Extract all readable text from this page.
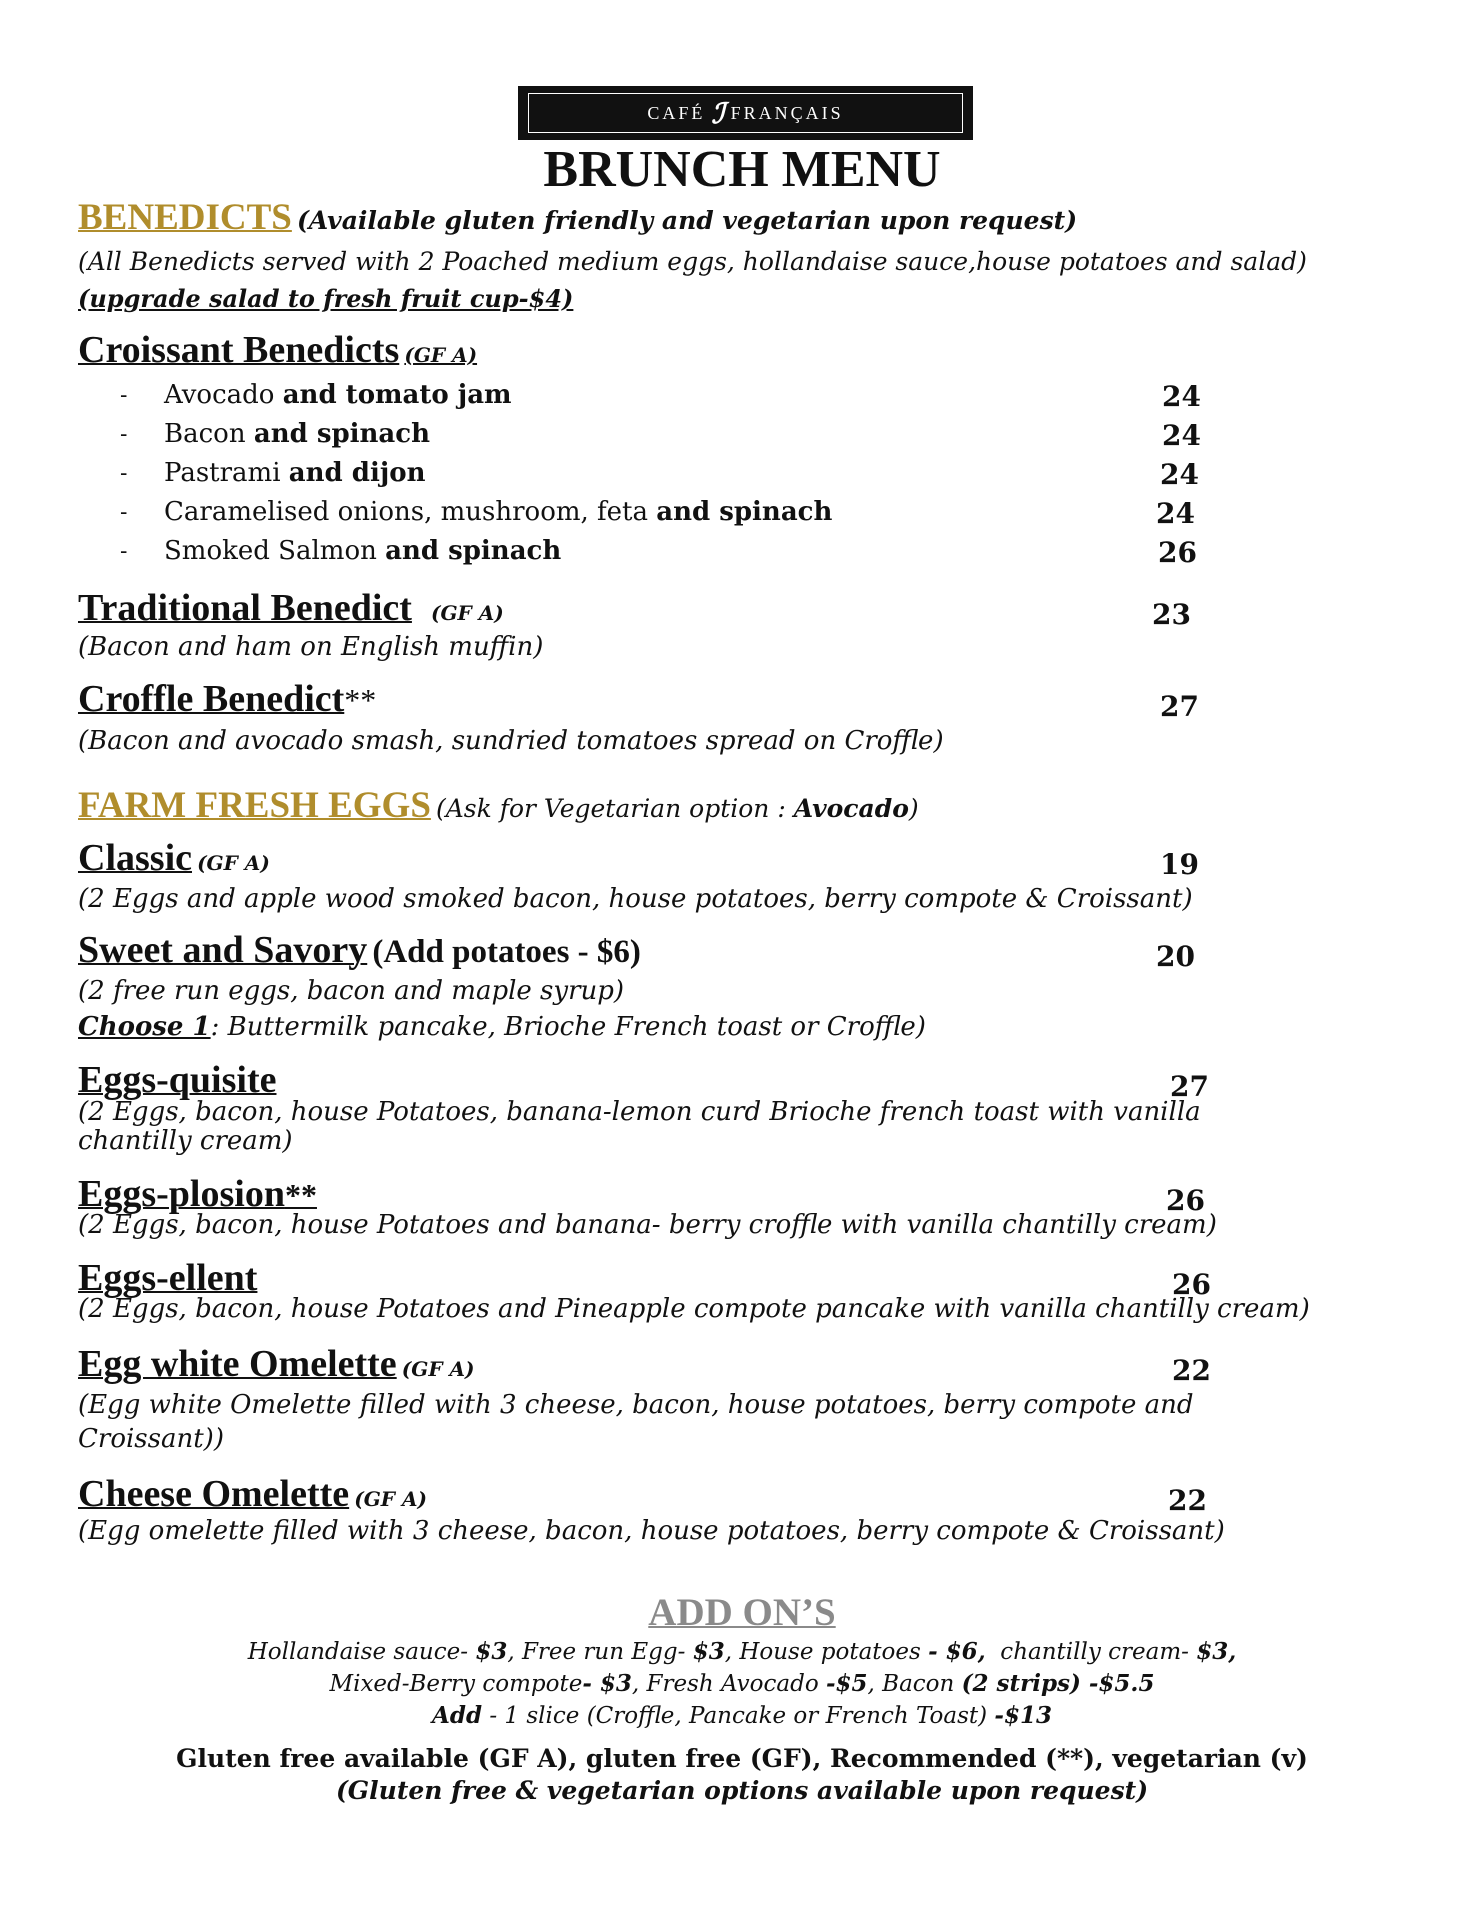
CAFÉ ℐ FRANÇAIS
BRUNCH MENU
BENEDICTS (Available gluten friendly and vegetarian upon request)
(All Benedicts served with 2 Poached medium eggs, hollandaise sauce,house potatoes and salad)
(upgrade salad to fresh fruit cup-$4)
Croissant Benedicts (GF A)
- Avocado and tomato jam	24
- Bacon and spinach	24
- Pastrami and dijon	24
- Caramelised onions, mushroom, feta and spinach	24
- Smoked Salmon and spinach	26
Traditional Benedict (GF A)	23
(Bacon and ham on English muffin)
Croffle Benedict**	27
(Bacon and avocado smash, sundried tomatoes spread on Croffle)
FARM FRESH EGGS (Ask for Vegetarian option : Avocado)
Classic (GF A)	19
(2 Eggs and apple wood smoked bacon, house potatoes, berry compote & Croissant)
Sweet and Savory (Add potatoes - $6)	20
(2 free run eggs, bacon and maple syrup)
Choose 1: Buttermilk pancake, Brioche French toast or Croffle)
Eggs-quisite	27
(2 Eggs, bacon, house Potatoes, banana-lemon curd Brioche french toast with vanilla
chantilly cream)
Eggs-plosion**	26
(2 Eggs, bacon, house Potatoes and banana- berry croffle with vanilla chantilly cream)
Eggs-ellent	26
(2 Eggs, bacon, house Potatoes and Pineapple compote pancake with vanilla chantilly cream)
Egg white Omelette (GF A)	22
(Egg white Omelette filled with 3 cheese, bacon, house potatoes, berry compote and
Croissant))
Cheese Omelette (GF A)	22
(Egg omelette filled with 3 cheese, bacon, house potatoes, berry compote & Croissant)
ADD ON’S
Hollandaise sauce- $3, Free run Egg- $3, House potatoes - $6,  chantilly cream- $3,
Mixed-Berry compote- $3, Fresh Avocado -$5, Bacon (2 strips) -$5.5
Add - 1 slice (Croffle, Pancake or French Toast) -$13
Gluten free available (GF A), gluten free (GF), Recommended (**), vegetarian (v)
(Gluten free & vegetarian options available upon request)
